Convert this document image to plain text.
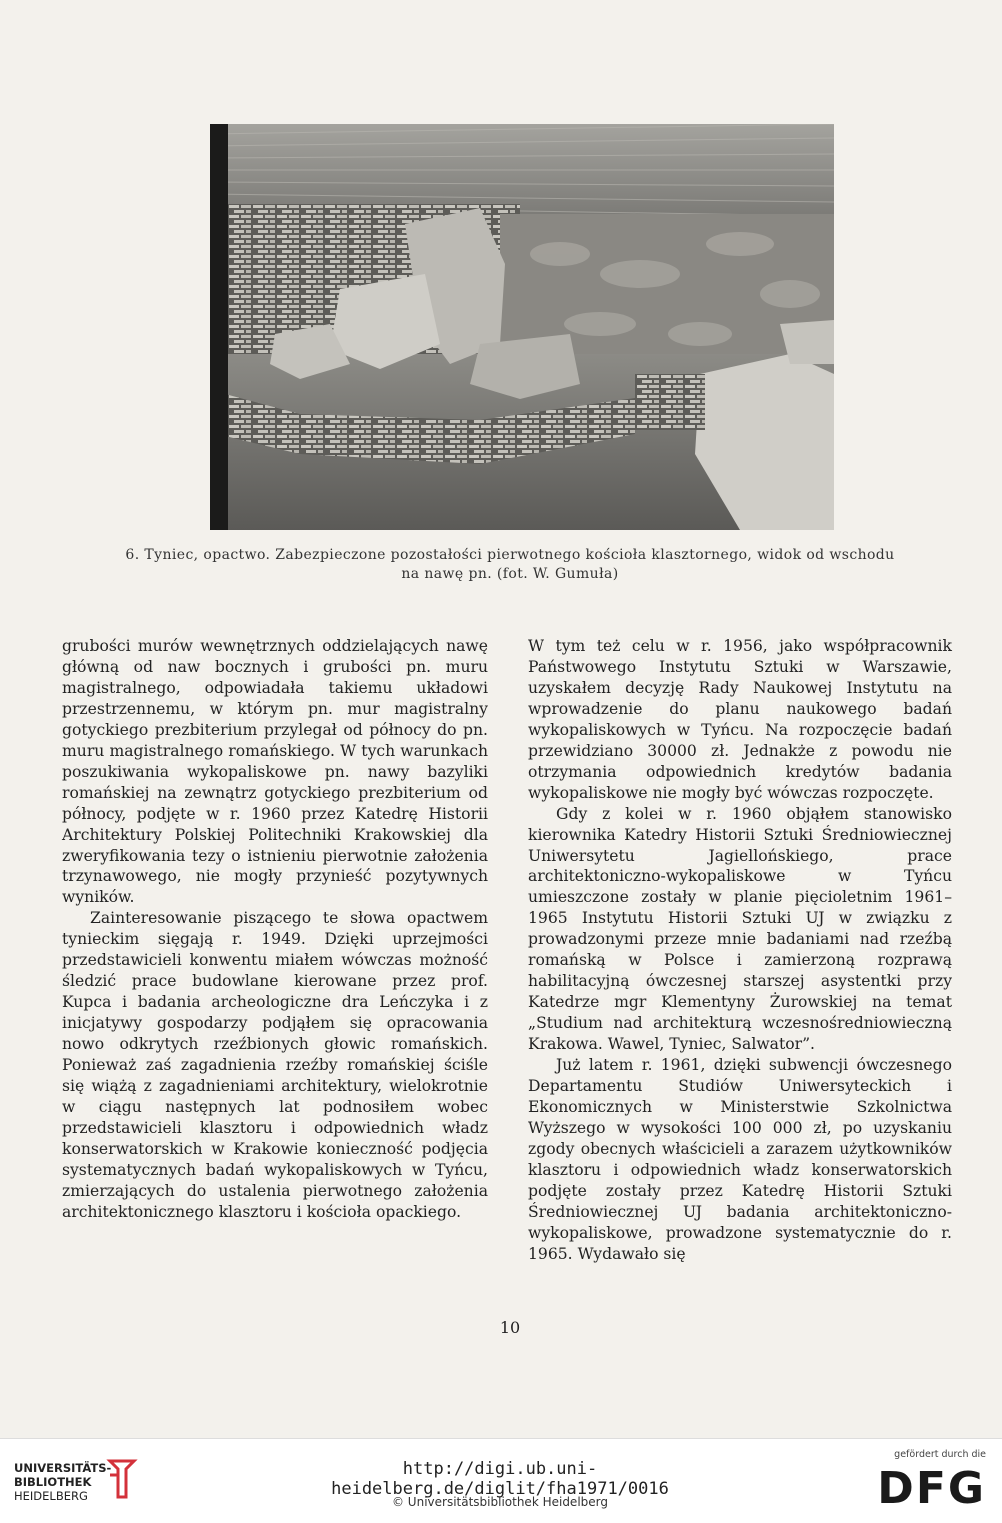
6. Tyniec, opactwo. Zabezpieczone pozostałości pierwotnego kościoła klasztornego, widok od wschodu

na nawę pn. (fot. W. Gumuła)

grubości murów wewnętrznych oddzielających nawę główną od naw bocznych i grubości pn. muru magistralnego, odpowiadała takiemu układowi przestrzennemu, w którym pn. mur magistralny gotyckiego prezbiterium przylegał od północy do pn. muru magistralnego romańskiego. W tych warunkach poszukiwania wykopaliskowe pn. nawy bazyliki romańskiej na zewnątrz gotyckiego prezbiterium od północy, podjęte w r. 1960 przez Katedrę Historii Architektury Polskiej Politechniki Krakowskiej dla zweryfikowania tezy o istnieniu pierwotnie założenia trzynawowego, nie mogły przynieść pozytywnych wyników.

Zainteresowanie piszącego te słowa opactwem tynieckim sięgają r. 1949. Dzięki uprzejmości przedstawicieli konwentu miałem wówczas możność śledzić prace budowlane kierowane przez prof. Kupca i badania archeologiczne dra Leńczyka i z inicjatywy gospodarzy podjąłem się opracowania nowo odkrytych rzeźbionych głowic romańskich. Ponieważ zaś zagadnienia rzeźby romańskiej ściśle się wiążą z zagadnieniami architektury, wielokrotnie w ciągu następnych lat podnosiłem wobec przedstawicieli klasztoru i odpowiednich władz konserwatorskich w Krakowie konieczność podjęcia systematycznych badań wykopaliskowych w Tyńcu, zmierzających do ustalenia pierwotnego założenia architektonicznego klasztoru i kościoła opackiego.

W tym też celu w r. 1956, jako współpracownik Państwowego Instytutu Sztuki w Warszawie, uzyskałem decyzję Rady Naukowej Instytutu na wprowadzenie do planu naukowego badań wykopaliskowych w Tyńcu. Na rozpoczęcie badań przewidziano 30000 zł. Jednakże z powodu nie otrzymania odpowiednich kredytów badania wykopaliskowe nie mogły być wówczas rozpoczęte.

Gdy z kolei w r. 1960 objąłem stanowisko kierownika Katedry Historii Sztuki Średniowiecznej Uniwersytetu Jagiellońskiego, prace architektoniczno-wykopaliskowe w Tyńcu umieszczone zostały w planie pięcioletnim 1961–1965 Instytutu Historii Sztuki UJ w związku z prowadzonymi przeze mnie badaniami nad rzeźbą romańską w Polsce i zamierzoną rozprawą habilitacyjną ówczesnej starszej asystentki przy Katedrze mgr Klementyny Żurowskiej na temat „Studium nad architekturą wczesnośredniowieczną Krakowa. Wawel, Tyniec, Salwator”.

Już latem r. 1961, dzięki subwencji ówczesnego Departamentu Studiów Uniwersyteckich i Ekonomicznych w Ministerstwie Szkolnictwa Wyższego w wysokości 100 000 zł, po uzyskaniu zgody obecnych właścicieli a zarazem użytkowników klasztoru i odpowiednich władz konserwatorskich podjęte zostały przez Katedrę Historii Sztuki Średniowiecznej UJ badania architektoniczno-wykopaliskowe, prowadzone systematycznie do r. 1965. Wydawało się

10
UNIVERSITÄTS-
BIBLIOTHEK
HEIDELBERG
http://digi.ub.uni-heidelberg.de/diglit/fha1971/0016
© Universitätsbibliothek Heidelberg
gefördert durch die
DFG
